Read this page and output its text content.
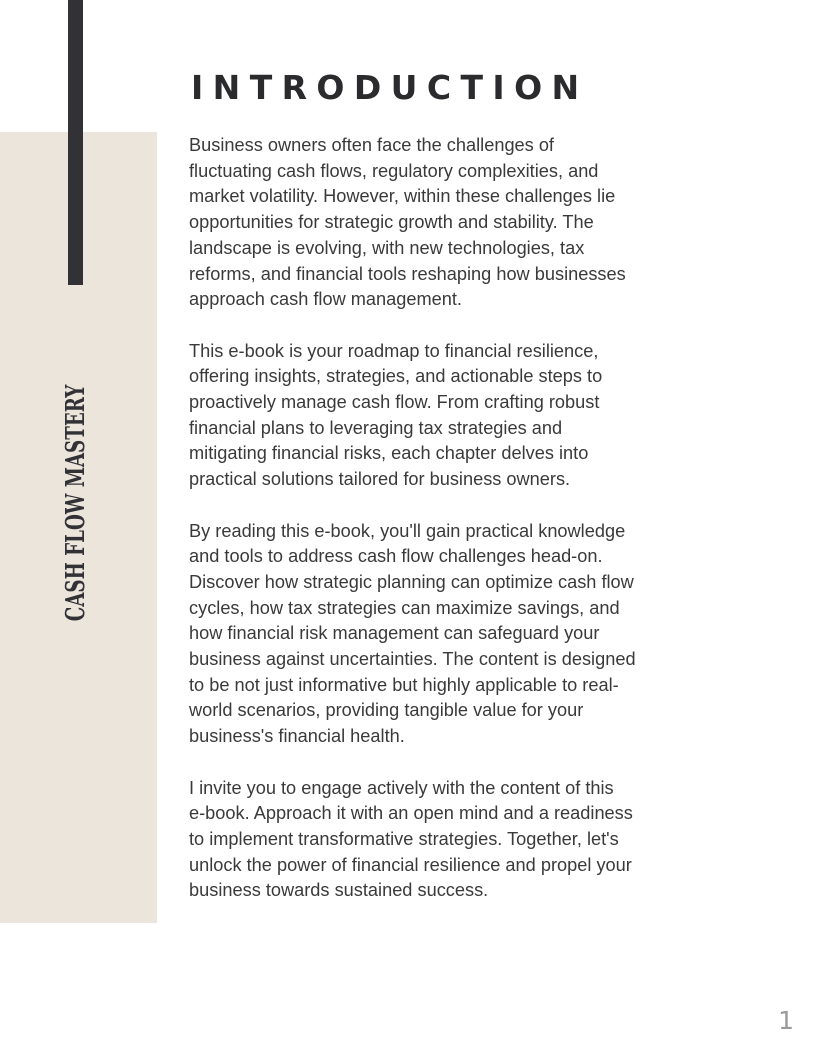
CASH FLOW MASTERY
INTRODUCTION

Business owners often face the challenges of
fluctuating cash flows, regulatory complexities, and
market volatility. However, within these challenges lie
opportunities for strategic growth and stability. The
landscape is evolving, with new technologies, tax
reforms, and financial tools reshaping how businesses
approach cash flow management.

This e-book is your roadmap to financial resilience,
offering insights, strategies, and actionable steps to
proactively manage cash flow. From crafting robust
financial plans to leveraging tax strategies and
mitigating financial risks, each chapter delves into
practical solutions tailored for business owners.

By reading this e-book, you'll gain practical knowledge
and tools to address cash flow challenges head-on.
Discover how strategic planning can optimize cash flow
cycles, how tax strategies can maximize savings, and
how financial risk management can safeguard your
business against uncertainties. The content is designed
to be not just informative but highly applicable to real-
world scenarios, providing tangible value for your
business's financial health.

I invite you to engage actively with the content of this
e-book. Approach it with an open mind and a readiness
to implement transformative strategies. Together, let's
unlock the power of financial resilience and propel your
business towards sustained success.

1
